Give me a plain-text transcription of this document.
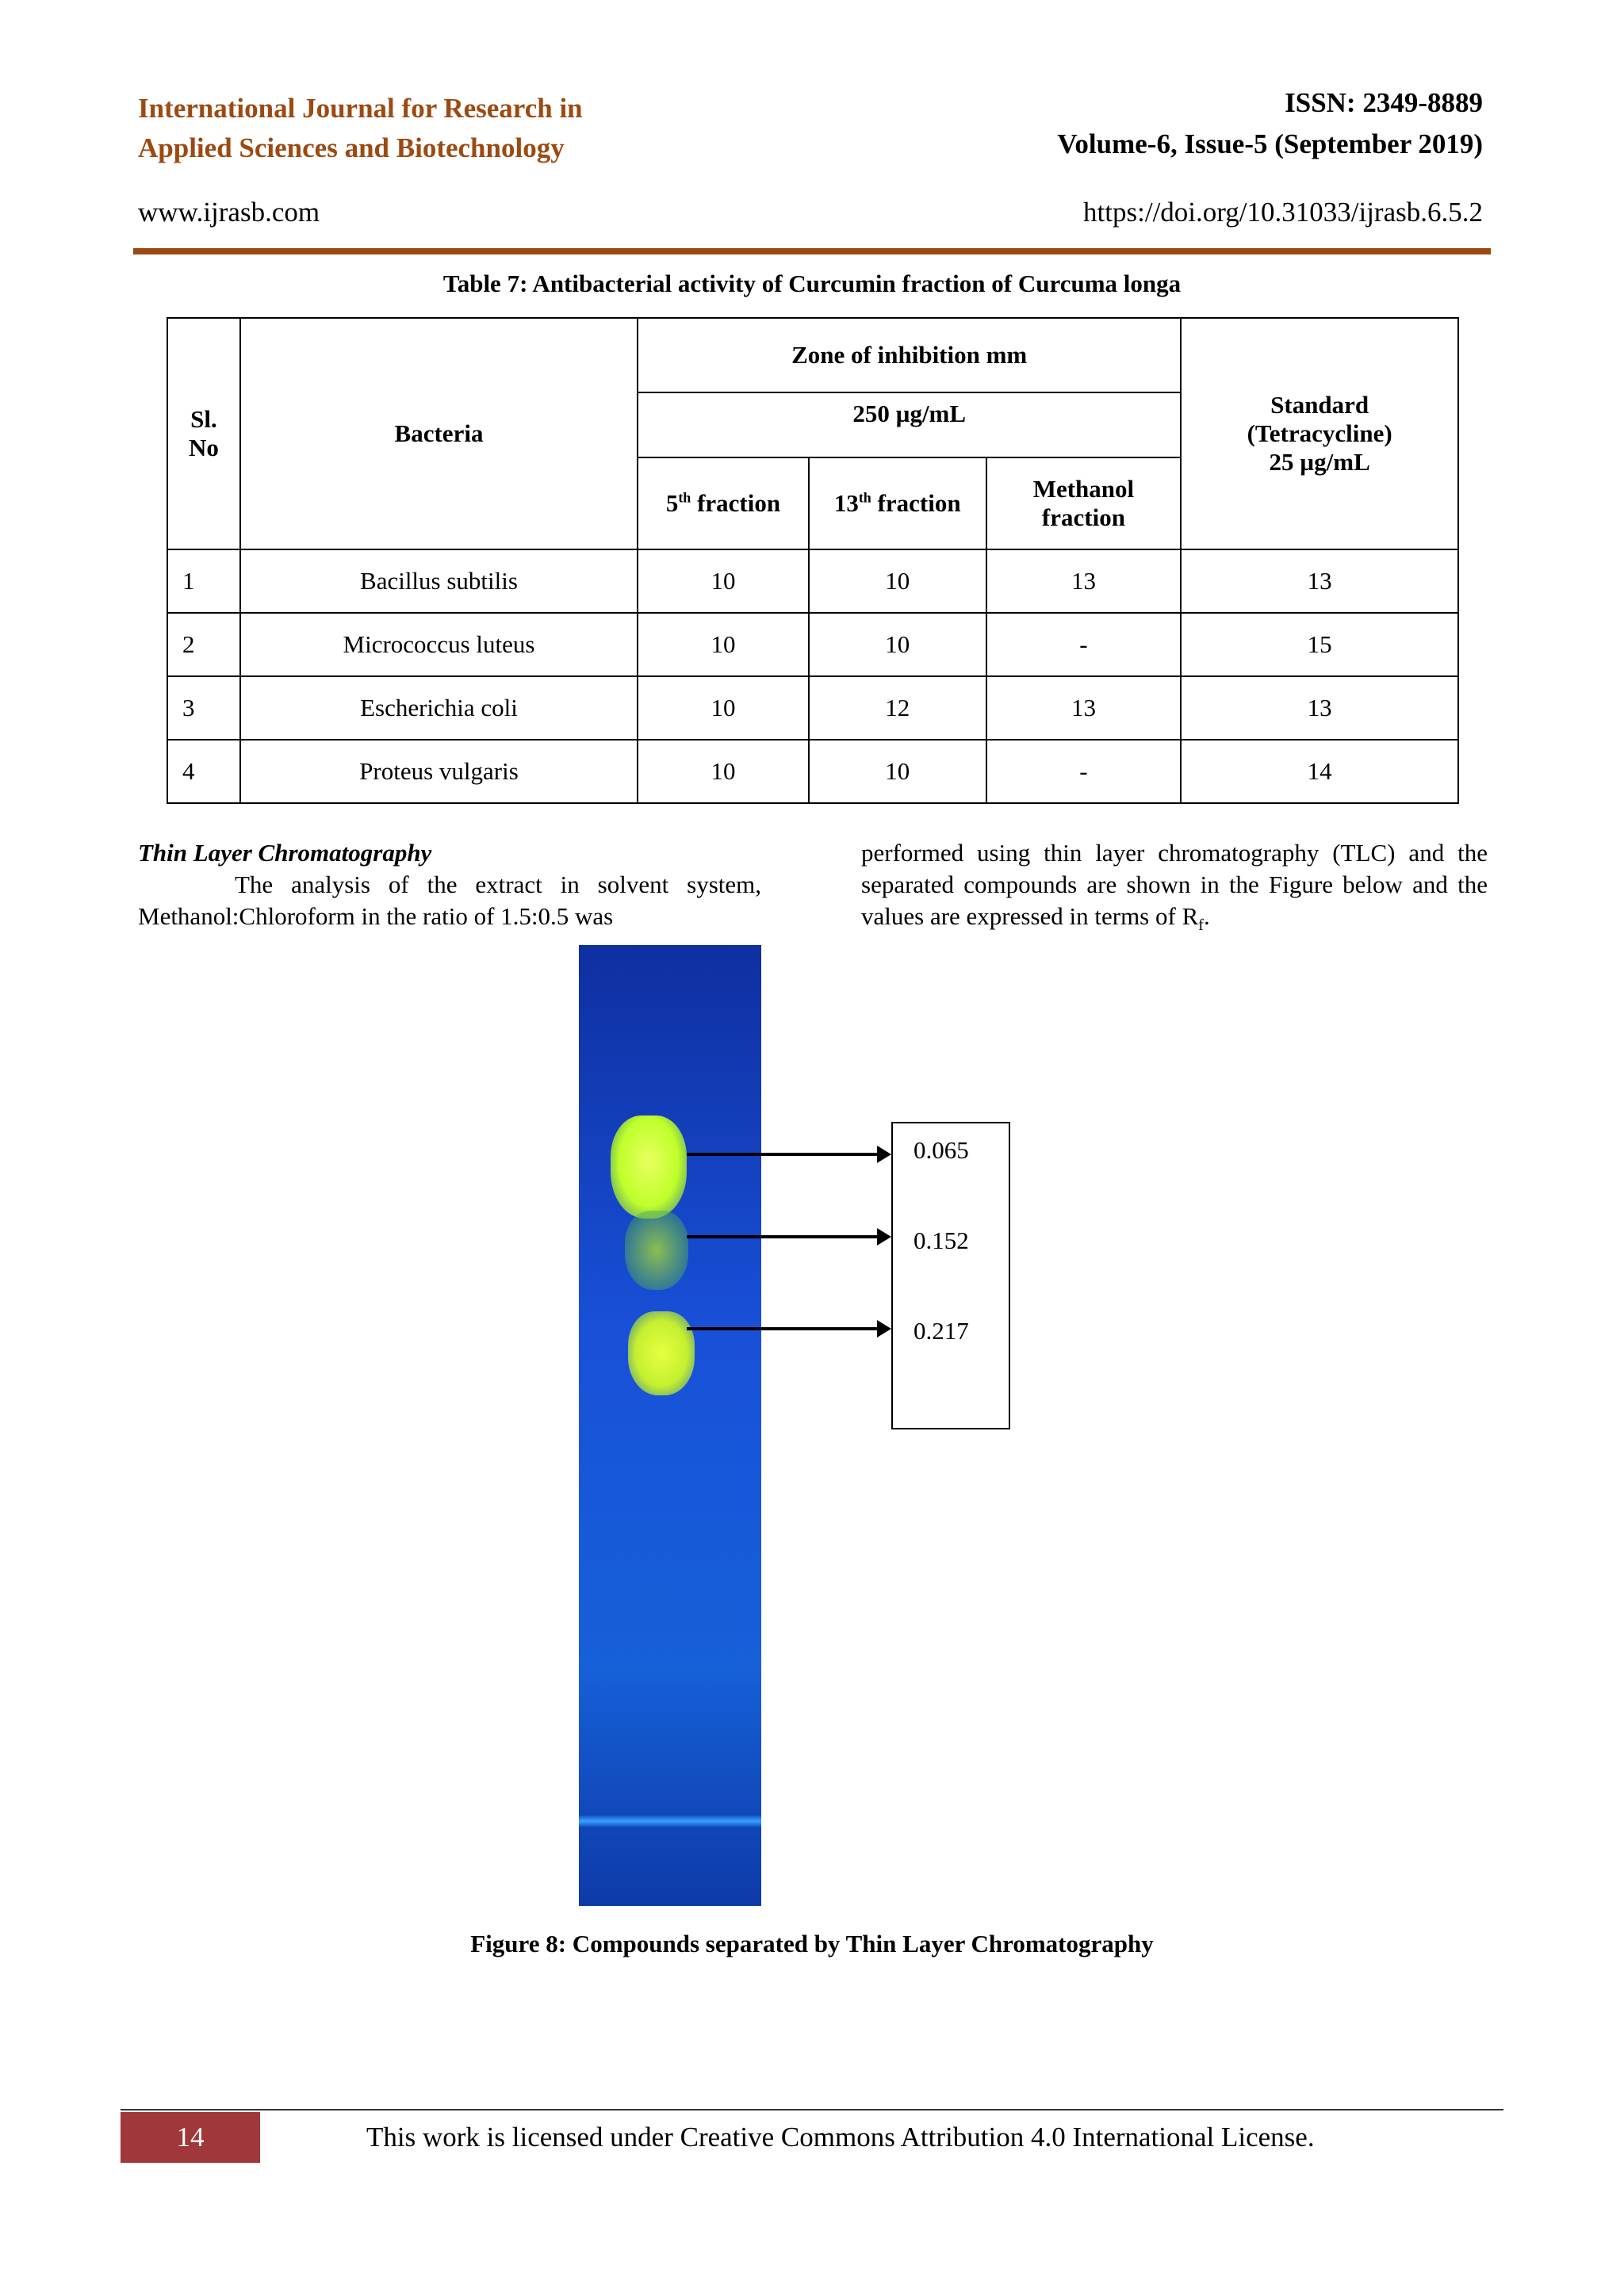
International Journal for Research in
Applied Sciences and Biotechnology
ISSN: 2349-8889
Volume-6, Issue-5 (September 2019)
www.ijrasb.com	https://doi.org/10.31033/ijrasb.6.5.2
Table 7: Antibacterial activity of Curcumin fraction of Curcuma longa
Sl. No	Bacteria	Zone of inhibition mm			Standard
(Tetracycline)
25 µg/mL

		250 µg/mL			
		5th fraction	13th fraction	Methanol fraction	
1	Bacillus subtilis	10	10	13	13
2	Micrococcus luteus	10	10	-	15
3	Escherichia coli	10	12	13	13
4	Proteus vulgaris	10	10	-	14
Thin Layer Chromatography
The analysis of the extract in solvent system, Methanol:Chloroform in the ratio of 1.5:0.5 was
performed using thin layer chromatography (TLC) and the separated compounds are shown in the Figure below and the values are expressed in terms of $R_f$.
​
0.065
0.152
0.217
Figure 8: Compounds separated by Thin Layer Chromatography
14	This work is licensed under Creative Commons Attribution 4.0 International License.
